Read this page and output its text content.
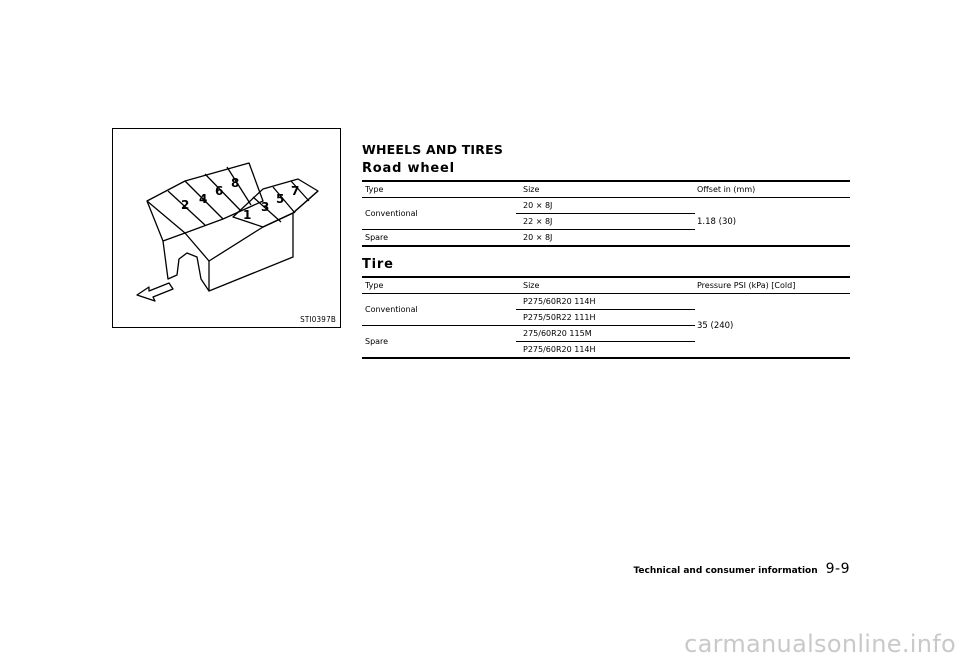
2 4
6
8
1
3
5
7
STI0397B
WHEELS AND TIRES
Road wheel
Type	Size	Offset in (mm)
Conventional	20 × 8J	1.18 (30)
	22 × 8J	
Spare	20 × 8J	
Tire
Type	Size	Pressure PSI (kPa) [Cold]
Conventional	P275/60R20 114H	35 (240)
	P275/50R22 111H	
Spare	275/60R20 115M	
	P275/60R20 114H	
Technical and consumer information 9-9
carmanualsonline.info
